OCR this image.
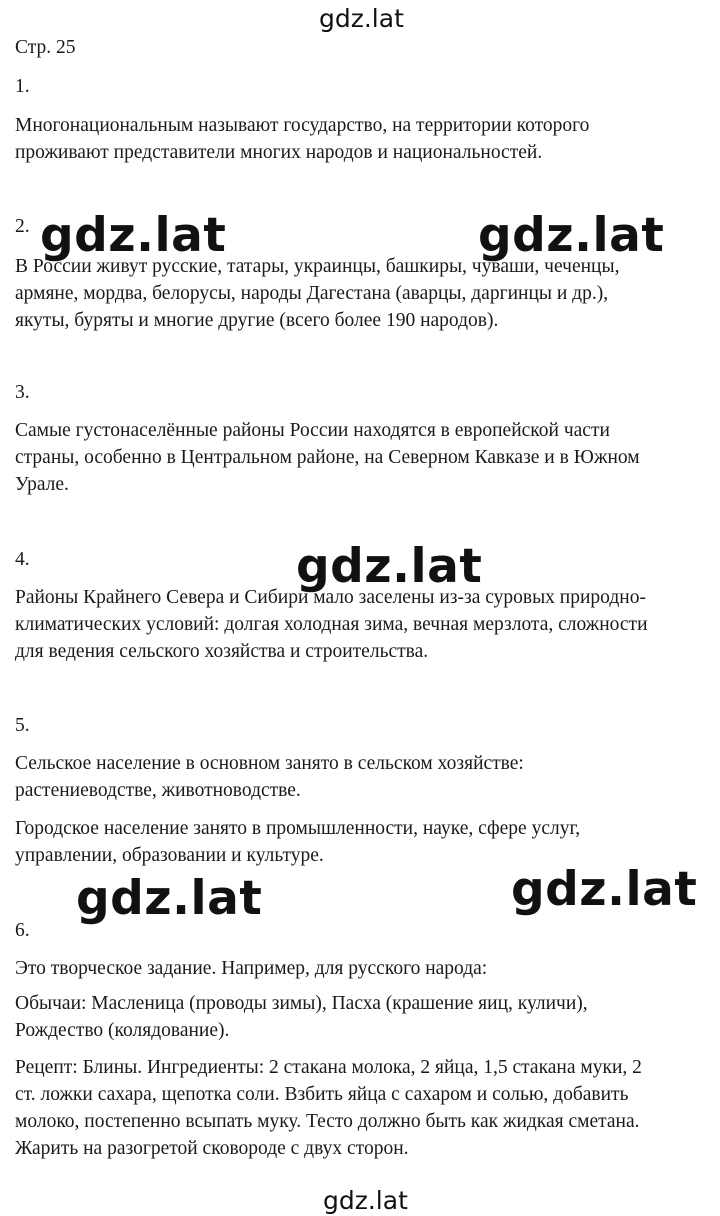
gdz.lat
gdz.lat	gdz.lat
gdz.lat
gdz.lat	gdz.lat
gdz.lat
Стр. 25
1.
Многонациональным называют государство, на территории которого
проживают представители многих народов и национальностей.
2.
В России живут русские, татары, украинцы, башкиры, чуваши, чеченцы,
армяне, мордва, белорусы, народы Дагестана (аварцы, даргинцы и др.),
якуты, буряты и многие другие (всего более 190 народов).
3.
Самые густонаселённые районы России находятся в европейской части
страны, особенно в Центральном районе, на Северном Кавказе и в Южном
Урале.
4.
Районы Крайнего Севера и Сибири мало заселены из-за суровых природно-
климатических условий: долгая холодная зима, вечная мерзлота, сложности
для ведения сельского хозяйства и строительства.
5.
Сельское население в основном занято в сельском хозяйстве:
растениеводстве, животноводстве.
Городское население занято в промышленности, науке, сфере услуг,
управлении, образовании и культуре.
6.
Это творческое задание. Например, для русского народа:
Обычаи: Масленица (проводы зимы), Пасха (крашение яиц, куличи),
Рождество (колядование).
Рецепт: Блины. Ингредиенты: 2 стакана молока, 2 яйца, 1,5 стакана муки, 2
ст. ложки сахара, щепотка соли. Взбить яйца с сахаром и солью, добавить
молоко, постепенно всыпать муку. Тесто должно быть как жидкая сметана.
Жарить на разогретой сковороде с двух сторон.
